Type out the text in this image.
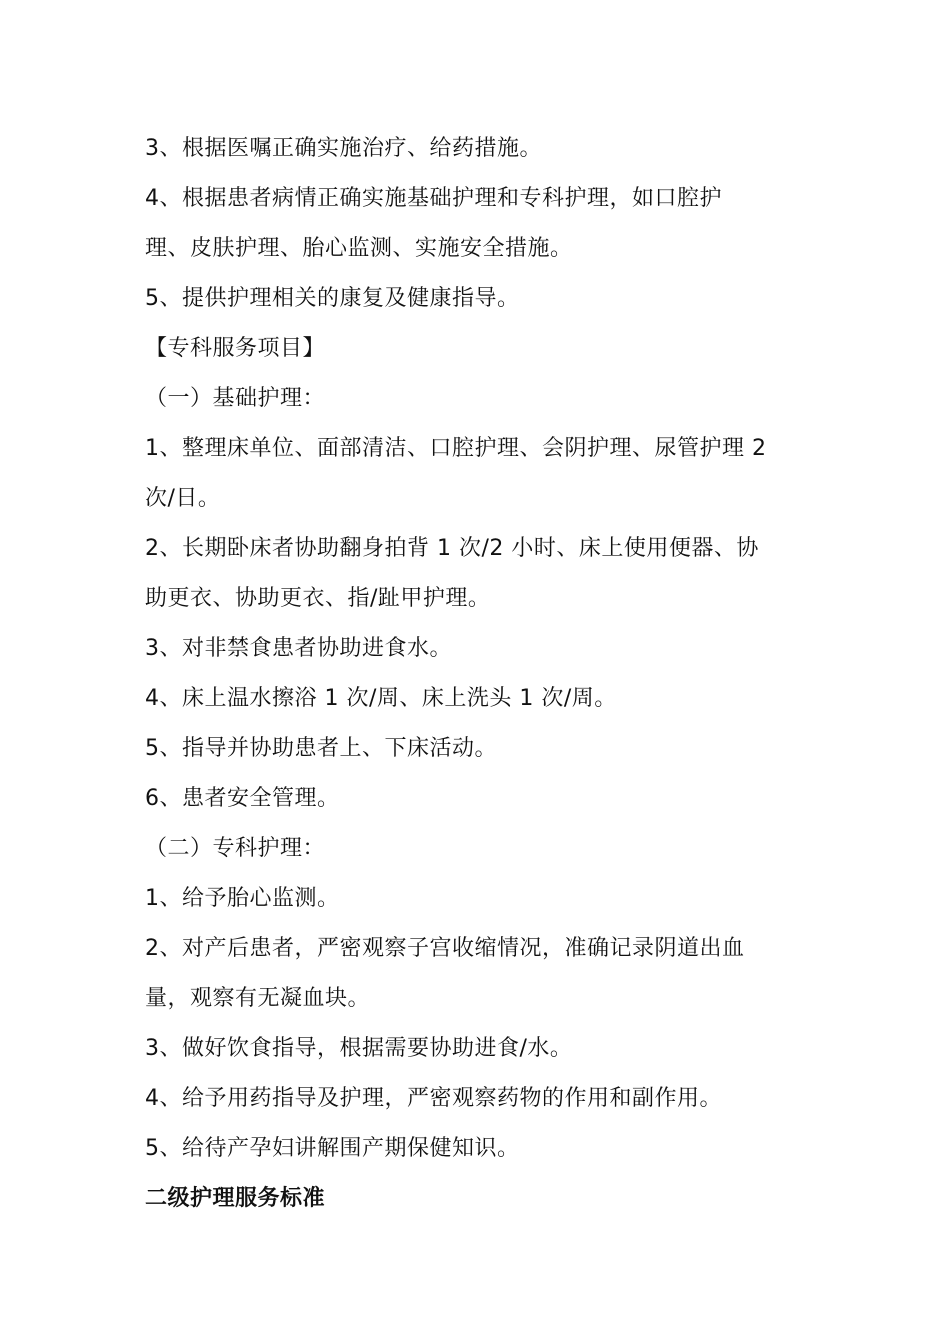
3、根据医嘱正确实施治疗、给药措施。
4、根据患者病情正确实施基础护理和专科护理，如口腔护
理、皮肤护理、胎心监测、实施安全措施。
5、提供护理相关的康复及健康指导。
【专科服务项目】
（一）基础护理：
1、整理床单位、面部清洁、口腔护理、会阴护理、尿管护理 2
次/日。
2、长期卧床者协助翻身拍背 1 次/2 小时、床上使用便器、协
助更衣、协助更衣、指/趾甲护理。
3、对非禁食患者协助进食水。
4、床上温水擦浴 1 次/周、床上洗头 1 次/周。
5、指导并协助患者上、下床活动。
6、患者安全管理。
（二）专科护理：
1、给予胎心监测。
2、对产后患者，严密观察子宫收缩情况，准确记录阴道出血
量，观察有无凝血块。
3、做好饮食指导，根据需要协助进食/水。
4、给予用药指导及护理，严密观察药物的作用和副作用。
5、给待产孕妇讲解围产期保健知识。
二级护理服务标准
